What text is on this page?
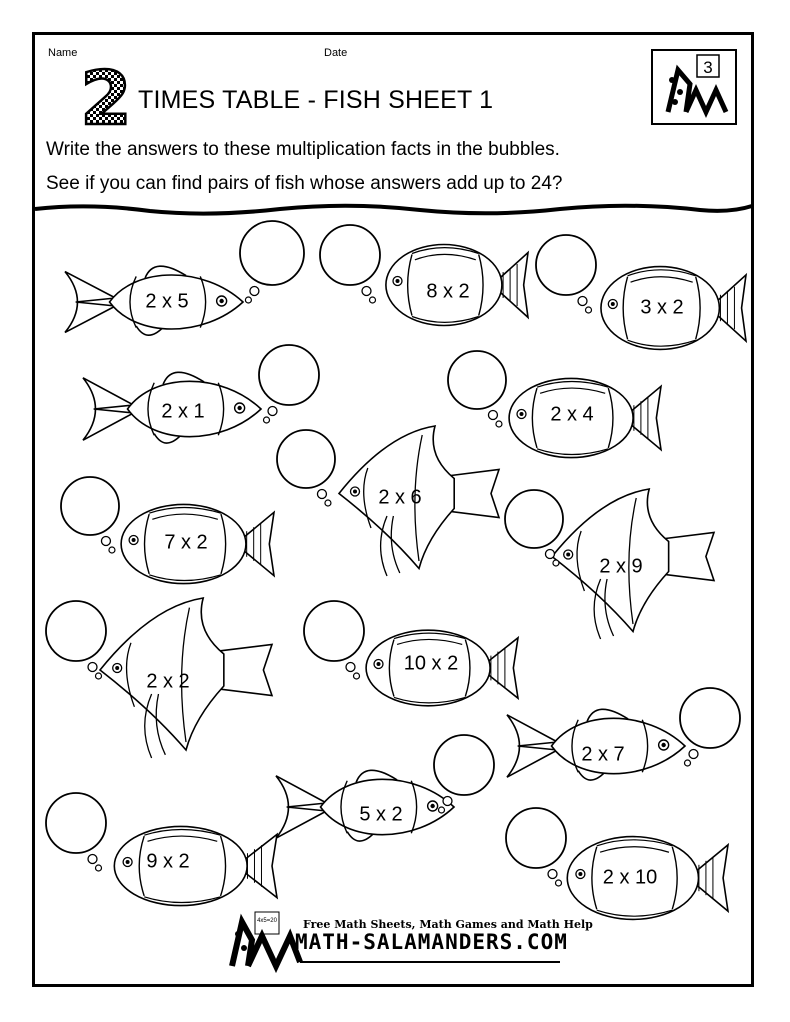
Name	Date
2	3
4x5=20
TIMES TABLE - FISH SHEET 1
Write the answers to these multiplication facts in the bubbles.
See if you can find pairs of fish whose answers add up to 24?
2 x 5	8 x 2
3 x 2
2 x 1	2 x 4
2 x 6
7 x 2
2 x 9
2 x 2
10 x 2
2 x 7
5 x 2
9 x 2
2 x 10
Free Math Sheets, Math Games and Math Help
MATH-SALAMANDERS.COM
